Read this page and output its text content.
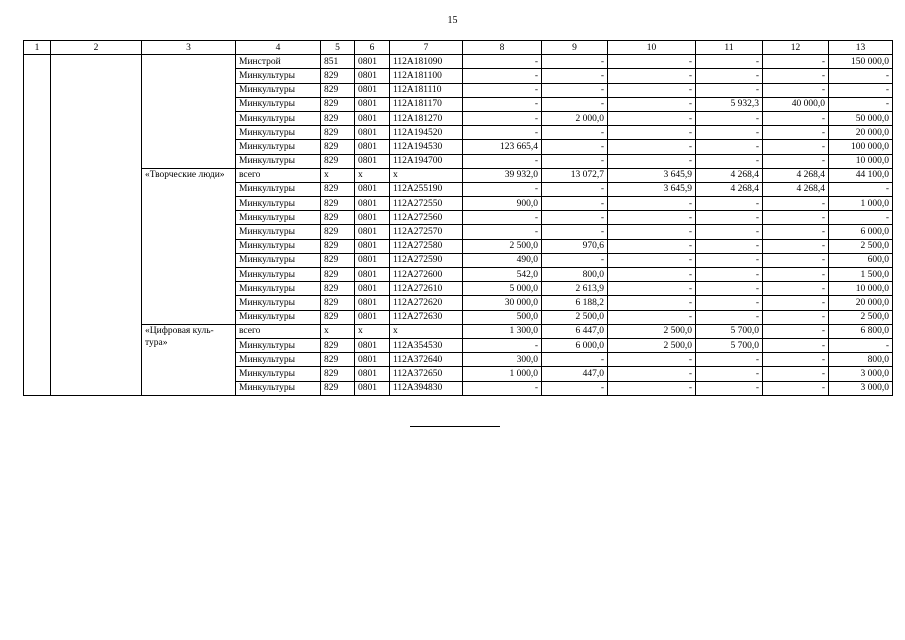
15
1	2	3	4	5	6	7	8	9	10	11	12	13
			Минстрой	851	0801	112A181090	-	-	-	-	-	150 000,0
			Минкультуры	829	0801	112A181100	-	-	-	-	-	-
			Минкультуры	829	0801	112A181110	-	-	-	-	-	-
			Минкультуры	829	0801	112A181170	-	-	-	5 932,3	40 000,0	-
			Минкультуры	829	0801	112A181270	-	2 000,0	-	-	-	50 000,0
			Минкультуры	829	0801	112A194520	-	-	-	-	-	20 000,0
			Минкультуры	829	0801	112A194530	123 665,4	-	-	-	-	100 000,0
			Минкультуры	829	0801	112A194700	-	-	-	-	-	10 000,0
		«Творческие люди»	всего	x	x	x	39 932,0	13 072,7	3 645,9	4 268,4	4 268,4	44 100,0
			Минкультуры	829	0801	112A255190	-	-	3 645,9	4 268,4	4 268,4	-
			Минкультуры	829	0801	112A272550	900,0	-	-	-	-	1 000,0
			Минкультуры	829	0801	112A272560	-	-	-	-	-	-
			Минкультуры	829	0801	112A272570	-	-	-	-	-	6 000,0
			Минкультуры	829	0801	112A272580	2 500,0	970,6	-	-	-	2 500,0
			Минкультуры	829	0801	112A272590	490,0	-	-	-	-	600,0
			Минкультуры	829	0801	112A272600	542,0	800,0	-	-	-	1 500,0
			Минкультуры	829	0801	112A272610	5 000,0	2 613,9	-	-	-	10 000,0
			Минкультуры	829	0801	112A272620	30 000,0	6 188,2	-	-	-	20 000,0
			Минкультуры	829	0801	112A272630	500,0	2 500,0	-	-	-	2 500,0
		«Цифровая куль- тура»	всего	x	x	x	1 300,0	6 447,0	2 500,0	5 700,0	-	6 800,0
			Минкультуры	829	0801	112A354530	-	6 000,0	2 500,0	5 700,0	-	-
			Минкультуры	829	0801	112A372640	300,0	-	-	-	-	800,0
			Минкультуры	829	0801	112A372650	1 000,0	447,0	-	-	-	3 000,0
			Минкультуры	829	0801	112A394830	-	-	-	-	-	3 000,0
